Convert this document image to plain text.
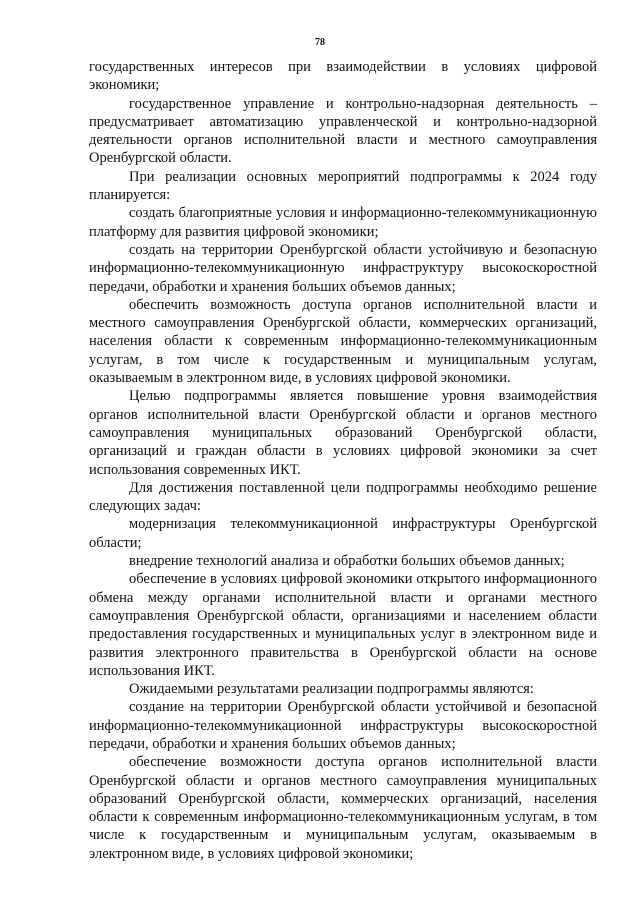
78

государственных интересов при взаимодействии в условиях цифровой экономики;

государственное управление и контрольно-надзорная деятельность – предусматривает автоматизацию управленческой и контрольно-надзорной деятельности органов исполнительной власти и местного самоуправления Оренбургской области.

При реализации основных мероприятий подпрограммы к 2024 году планируется:

создать благоприятные условия и информационно-телекоммуникационную платформу для развития цифровой экономики;

создать на территории Оренбургской области устойчивую и безопасную информационно-телекоммуникационную инфраструктуру высокоскоростной передачи, обработки и хранения больших объемов данных;

обеспечить возможность доступа органов исполнительной власти и местного самоуправления Оренбургской области, коммерческих организаций, населения области к современным информационно-телекоммуникационным услугам, в том числе к государственным и муниципальным услугам, оказываемым в электронном виде, в условиях цифровой экономики.

Целью подпрограммы является повышение уровня взаимодействия органов исполнительной власти Оренбургской области и органов местного самоуправления муниципальных образований Оренбургской области, организаций и граждан области в условиях цифровой экономики за счет использования современных ИКТ.

Для достижения поставленной цели подпрограммы необходимо решение следующих задач:

модернизация телекоммуникационной инфраструктуры Оренбургской области;

внедрение технологий анализа и обработки больших объемов данных;

обеспечение в условиях цифровой экономики открытого информационного обмена между органами исполнительной власти и органами местного самоуправления Оренбургской области, организациями и населением области предоставления государственных и муниципальных услуг в электронном виде и развития электронного правительства в Оренбургской области на основе использования ИКТ.

Ожидаемыми результатами реализации подпрограммы являются:

создание на территории Оренбургской области устойчивой и безопасной информационно-телекоммуникационной инфраструктуры высокоскоростной передачи, обработки и хранения больших объемов данных;

обеспечение возможности доступа органов исполнительной власти Оренбургской области и органов местного самоуправления муниципальных образований Оренбургской области, коммерческих организаций, населения области к современным информационно-телекоммуникационным услугам, в том числе к государственным и муниципальным услугам, оказываемым в электронном виде, в условиях цифровой экономики;
